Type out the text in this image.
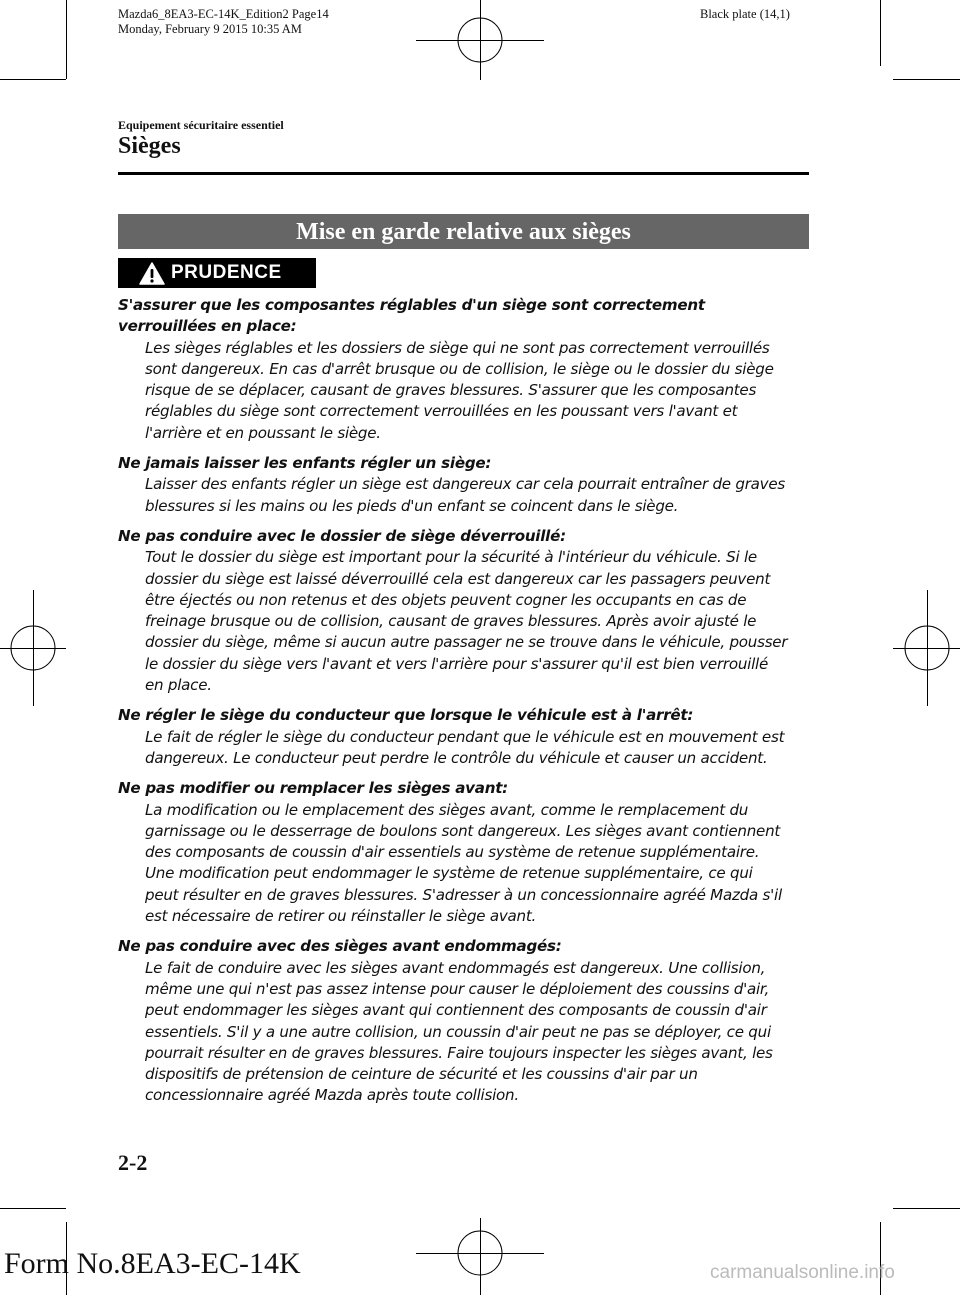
Mazda6_8EA3-EC-14K_Edition2 Page14
Monday, February 9 2015 10:35 AM
Black plate (14,1)
Equipement sécuritaire essentiel
Sièges
Mise en garde relative aux sièges
PRUDENCE
S'assurer que les composantes réglables d'un siège sont correctement verrouillées en place:
Les sièges réglables et les dossiers de siège qui ne sont pas correctement verrouillés sont dangereux. En cas d'arrêt brusque ou de collision, le siège ou le dossier du siège risque de se déplacer, causant de graves blessures. S'assurer que les composantes réglables du siège sont correctement verrouillées en les poussant vers l'avant et l'arrière et en poussant le siège.
Ne jamais laisser les enfants régler un siège:
Laisser des enfants régler un siège est dangereux car cela pourrait entraîner de graves blessures si les mains ou les pieds d'un enfant se coincent dans le siège.
Ne pas conduire avec le dossier de siège déverrouillé:
Tout le dossier du siège est important pour la sécurité à l'intérieur du véhicule. Si le dossier du siège est laissé déverrouillé cela est dangereux car les passagers peuvent être éjectés ou non retenus et des objets peuvent cogner les occupants en cas de freinage brusque ou de collision, causant de graves blessures. Après avoir ajusté le dossier du siège, même si aucun autre passager ne se trouve dans le véhicule, pousser le dossier du siège vers l'avant et vers l'arrière pour s'assurer qu'il est bien verrouillé en place.
Ne régler le siège du conducteur que lorsque le véhicule est à l'arrêt:
Le fait de régler le siège du conducteur pendant que le véhicule est en mouvement est dangereux. Le conducteur peut perdre le contrôle du véhicule et causer un accident.
Ne pas modifier ou remplacer les sièges avant:
La modification ou le emplacement des sièges avant, comme le remplacement du garnissage ou le desserrage de boulons sont dangereux. Les sièges avant contiennent des composants de coussin d'air essentiels au système de retenue supplémentaire. Une modification peut endommager le système de retenue supplémentaire, ce qui peut résulter en de graves blessures. S'adresser à un concessionnaire agréé Mazda s'il est nécessaire de retirer ou réinstaller le siège avant.
Ne pas conduire avec des sièges avant endommagés:
Le fait de conduire avec les sièges avant endommagés est dangereux. Une collision, même une qui n'est pas assez intense pour causer le déploiement des coussins d'air, peut endommager les sièges avant qui contiennent des composants de coussin d'air essentiels. S'il y a une autre collision, un coussin d'air peut ne pas se déployer, ce qui pourrait résulter en de graves blessures. Faire toujours inspecter les sièges avant, les dispositifs de prétension de ceinture de sécurité et les coussins d'air par un concessionnaire agréé Mazda après toute collision.
2-2
Form No.8EA3-EC-14K	carmanualsonline.info
